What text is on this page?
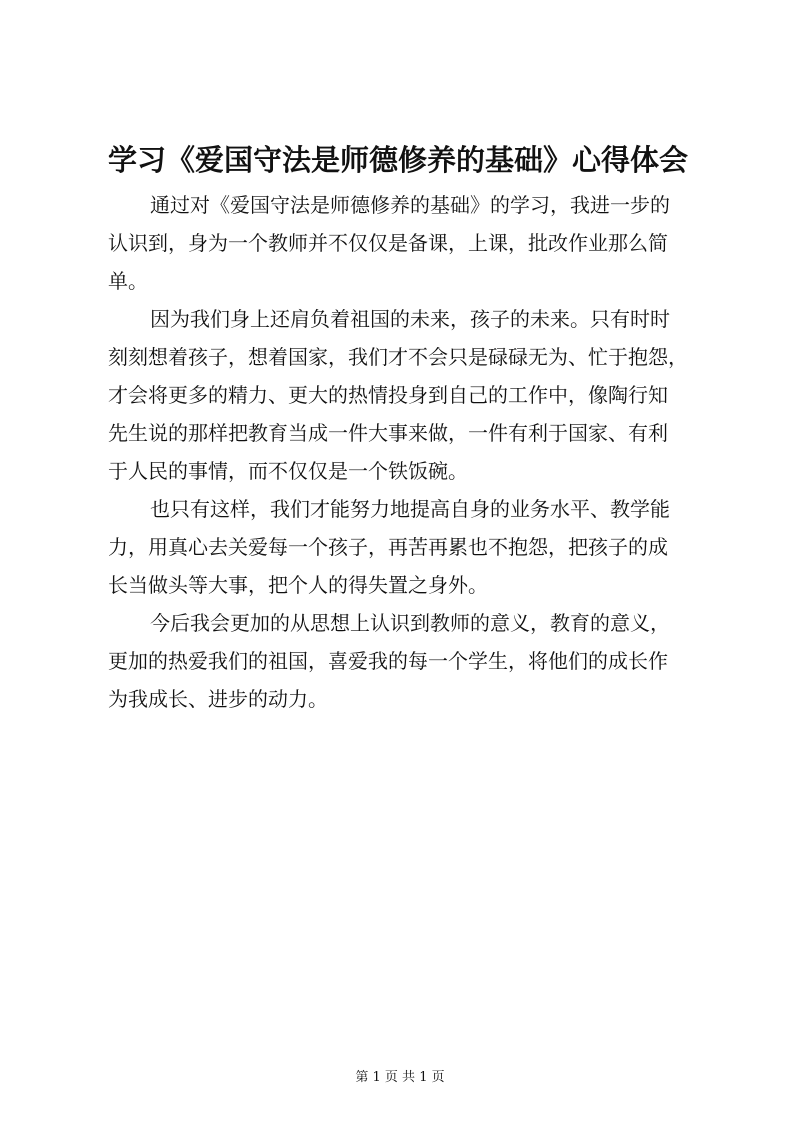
学习《爱国守法是师德修养的基础》心得体会

通过对《爱国守法是师德修养的基础》的学习，我进一步的
认识到，身为一个教师并不仅仅是备课，上课，批改作业那么简
单。

因为我们身上还肩负着祖国的未来，孩子的未来。只有时时
刻刻想着孩子，想着国家，我们才不会只是碌碌无为、忙于抱怨，
才会将更多的精力、更大的热情投身到自己的工作中，像陶行知
先生说的那样把教育当成一件大事来做，一件有利于国家、有利
于人民的事情，而不仅仅是一个铁饭碗。

也只有这样，我们才能努力地提高自身的业务水平、教学能
力，用真心去关爱每一个孩子，再苦再累也不抱怨，把孩子的成
长当做头等大事，把个人的得失置之身外。

今后我会更加的从思想上认识到教师的意义，教育的意义，
更加的热爱我们的祖国，喜爱我的每一个学生，将他们的成长作
为我成长、进步的动力。

第 1 页 共 1 页
